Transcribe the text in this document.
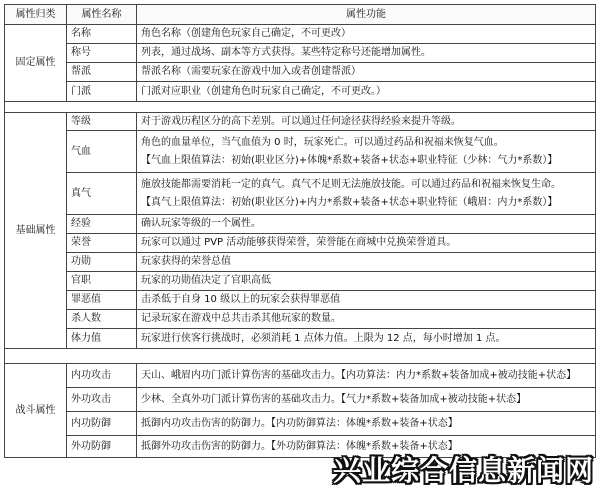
属性归类	属性名称	属性功能
固定属性	名称	角色名称（创建角色玩家自己确定，不可更改）
	称号	列表，通过战场、副本等方式获得。某些特定称号还能增加属性。
	帮派	帮派名称（需要玩家在游戏中加入或者创建帮派）
	门派	门派对应职业（创建角色时玩家自己确定，不可更改。）

基础属性	等级	对于游戏历程区分的高下差别。可以通过任何途径获得经验来提升等级。
	气血	角色的血量单位，当气血值为 0 时，玩家死亡。可以通过药品和祝福来恢复气血。
【气血上限值算法：初始(职业区分)+体魄*系数+装备+状态+职业特征（少林：气力*系数）】

	真气	施放技能都需要消耗一定的真气。真气不足则无法施放技能。可以通过药品和祝福来恢复生命。
【真气上限值算法：初始(职业区分)+内力*系数+装备+状态+职业特征（峨眉：内力*系数）】

	经验	确认玩家等级的一个属性。
	荣誉	玩家可以通过 PVP 活动能够获得荣誉，荣誉能在商城中兑换荣誉道具。
	功勋	玩家获得的荣誉总值
	官职	玩家的功勋值决定了官职高低
	罪恶值	击杀低于自身 10 级以上的玩家会获得罪恶值
	杀人数	记录玩家在游戏中总共击杀其他玩家的数量。
	体力值	玩家进行侠客行挑战时，必须消耗 1 点体力值。上限为 12 点，每小时增加 1 点。

战斗属性	内功攻击	天山、峨眉内功门派计算伤害的基础攻击力。【内功算法：内力*系数+装备加成+被动技能+状态】
	外功攻击	少林、全真外功门派计算伤害的基础攻击力。【气力*系数+装备加成+被动技能+状态】
	内功防御	抵御内功攻击伤害的防御力。【内功防御算法：体魄*系数+装备+状态】
	外功防御	抵御外功攻击伤害的防御力。【外功防御算法：体魄*系数+装备+状态】
兴业综合信息新闻网
